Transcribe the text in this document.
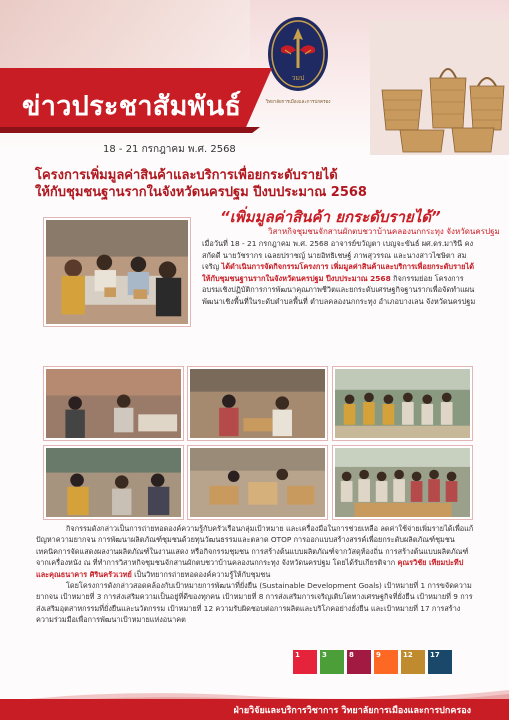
วมป
วิทยาลัยการเมืองและการปกครอง
ข่าวประชาสัมพันธ์
18 - 21 กรกฎาคม พ.ศ. 2568
โครงการเพิ่มมูลค่าสินค้าและบริการเพื่อยกระดับรายได้
ให้กับชุมชนฐานรากในจังหวัดนครปฐม ปีงบประมาณ 2568
“เพิ่มมูลค่าสินค้า ยกระดับรายได้”
วิสาหกิจชุมชนจักสานผักตบชวาบ้านคลองนกกระทุง จังหวัดนครปฐม
เมื่อวันที่ 18 - 21 กรกฎาคม พ.ศ. 2568 อาจารย์ขวัญตา เบญจะขันธ์ ผศ.ดร.มารินี คงสกัดดี นายวัชรากร เฉลยปราชญ์ นายอิทธิเชษฐ์ ภาพสุวรรณ และนางสาวไชษิตา สมเจริญ ได้ดำเนินการจัดกิจกรรมโครงการ เพิ่มมูลค่าสินค้าและบริการเพื่อยกระดับรายได้ให้กับชุมชนฐานรากในจังหวัดนครปฐม ปีงบประมาณ 2568 กิจกรรมย่อย โครงการอบรมเชิงปฏิบัติการการพัฒนาคุณภาพชีวิตและยกระดับเศรษฐกิจฐานรากเพื่อจัดทำแผนพัฒนาเชิงพื้นที่ในระดับตำบลพื้นที่ ตำบลคลองนกกระทุง อำเภอบางเลน จังหวัดนครปฐม

กิจกรรมดังกล่าวเป็นการถ่ายทอดองค์ความรู้กับครัวเรือนกลุ่มเป้าหมาย และเครื่องมือในการช่วยเหลือ ลดค่าใช้จ่ายเพิ่มรายได้เพื่อแก้ปัญหาความยากจน การพัฒนาผลิตภัณฑ์ชุมชนด้วยทุนวัฒนธรรมและตลาด OTOP การออกแบบสร้างสรรค์เพื่อยกระดับผลิตภัณฑ์ชุมชน เทคนิคการจัดแสดงผลงานผลิตภัณฑ์ในงานแสดง หรือกิจกรรมชุมชน การสร้างต้นแบบผลิตภัณฑ์จากวัสดุท้องถิ่น การสร้างต้นแบบผลิตภัณฑ์จากเครื่องหนัง ณ ที่ทำการวิสาหกิจชุมชนจักสานผักตบชวาบ้านคลองนกกระทุง จังหวัดนครปฐม โดยได้รับเกียรติจาก คุณรวิชัย เทียมปะทีป และคุณธนาคาร ศิรินครัวเวทย์ เป็นวิทยากรถ่ายทอดองค์ความรู้ให้กับชุมชน

โดยโครงการดังกล่าวสอดคล้องกับเป้าหมายการพัฒนาที่ยั่งยืน (Sustainable Development Goals) เป้าหมายที่ 1 การขจัดความยากจน เป้าหมายที่ 3 การส่งเสริมความเป็นอยู่ที่ดีของทุกคน เป้าหมายที่ 8 การส่งเสริมการเจริญเติบโตทางเศรษฐกิจที่ยั่งยืน เป้าหมายที่ 9 การส่งเสริมอุตสาหกรรมที่ยั่งยืนและนวัตกรรม เป้าหมายที่ 12 ความรับผิดชอบต่อการผลิตและบริโภคอย่างยั่งยืน และเป้าหมายที่ 17 การสร้างความร่วมมือเพื่อการพัฒนาเป้าหมายแห่งอนาคต

1	3	8	9	12 17
ฝ่ายวิจัยและบริการวิชาการ วิทยาลัยการเมืองและการปกครอง
